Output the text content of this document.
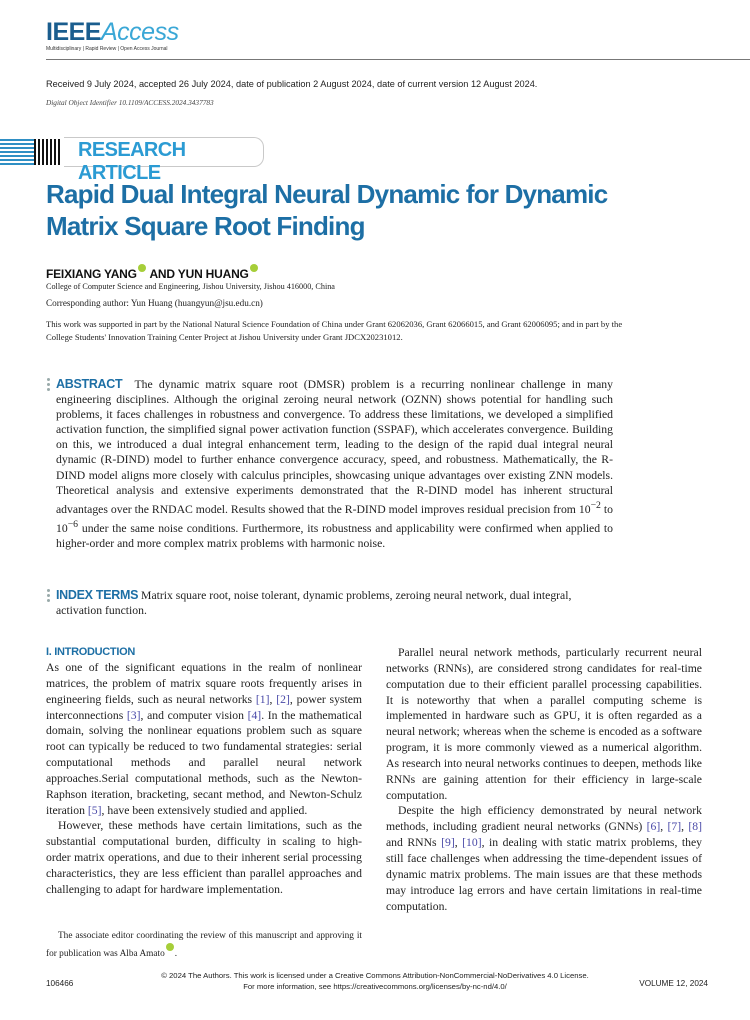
IEEEAccess
Multidisciplinary | Rapid Review | Open Access Journal
Received 9 July 2024, accepted 26 July 2024, date of publication 2 August 2024, date of current version 12 August 2024.
Digital Object Identifier 10.1109/ACCESS.2024.3437783
RESEARCH ARTICLE
Rapid Dual Integral Neural Dynamic for Dynamic
Matrix Square Root Finding
FEIXIANG YANG AND YUN HUANG
College of Computer Science and Engineering, Jishou University, Jishou 416000, China
Corresponding author: Yun Huang (huangyun@jsu.edu.cn)
This work was supported in part by the National Natural Science Foundation of China under Grant 62062036, Grant 62066015, and Grant 62006095; and in part by the College Students' Innovation Training Center Project at Jishou University under Grant JDCX20231012.
ABSTRACT The dynamic matrix square root (DMSR) problem is a recurring nonlinear challenge in many engineering disciplines. Although the original zeroing neural network (OZNN) shows potential for handling such problems, it faces challenges in robustness and convergence. To address these limitations, we developed a simplified activation function, the simplified signal power activation function (SSPAF), which accelerates convergence. Building on this, we introduced a dual integral enhancement term, leading to the design of the rapid dual integral neural dynamic (R-DIND) model to further enhance convergence accuracy, speed, and robustness. Mathematically, the R-DIND model aligns more closely with calculus principles, showcasing unique advantages over existing ZNN models. Theoretical analysis and extensive experiments demonstrated that the R-DIND model has inherent structural advantages over the RNDAC model. Results showed that the R-DIND model improves residual precision from $10^{-2}$ to $10^{-6}$ under the same noise conditions. Furthermore, its robustness and applicability were confirmed when applied to higher-order and more complex matrix problems with harmonic noise.
INDEX TERMS Matrix square root, noise tolerant, dynamic problems, zeroing neural network, dual integral, activation function.
I. INTRODUCTION

As one of the significant equations in the realm of nonlinear matrices, the problem of matrix square roots frequently arises in engineering fields, such as neural networks [1], [2], power system interconnections [3], and computer vision [4]. In the mathematical domain, solving the nonlinear equations problem such as square root can typically be reduced to two fundamental strategies: serial computational methods and parallel neural network approaches.Serial computational methods, such as the Newton-Raphson iteration, bracketing, secant method, and Newton-Schulz iteration [5], have been extensively studied and applied.

However, these methods have certain limitations, such as the substantial computational burden, difficulty in scaling to high-order matrix operations, and due to their inherent serial processing characteristics, they are less efficient than parallel approaches and challenging to adapt for hardware implementation.

The associate editor coordinating the review of this manuscript and approving it for publication was Alba Amato .

Parallel neural network methods, particularly recurrent neural networks (RNNs), are considered strong candidates for real-time computation due to their efficient parallel processing capabilities. It is noteworthy that when a parallel computing scheme is implemented in hardware such as GPU, it is often regarded as a neural network; whereas when the scheme is encoded as a software program, it is more commonly viewed as a numerical algorithm. As research into neural networks continues to deepen, methods like RNNs are gaining attention for their efficiency in large-scale computation.

Despite the high efficiency demonstrated by neural network methods, including gradient neural networks (GNNs) [6], [7], [8] and RNNs [9], [10], in dealing with static matrix problems, they still face challenges when addressing the time-dependent issues of dynamic matrix problems. The main issues are that these methods may introduce lag errors and have certain limitations in real-time computation.

106466
© 2024 The Authors. This work is licensed under a Creative Commons Attribution-NonCommercial-NoDerivatives 4.0 License.
For more information, see https://creativecommons.org/licenses/by-nc-nd/4.0/	VOLUME 12, 2024
